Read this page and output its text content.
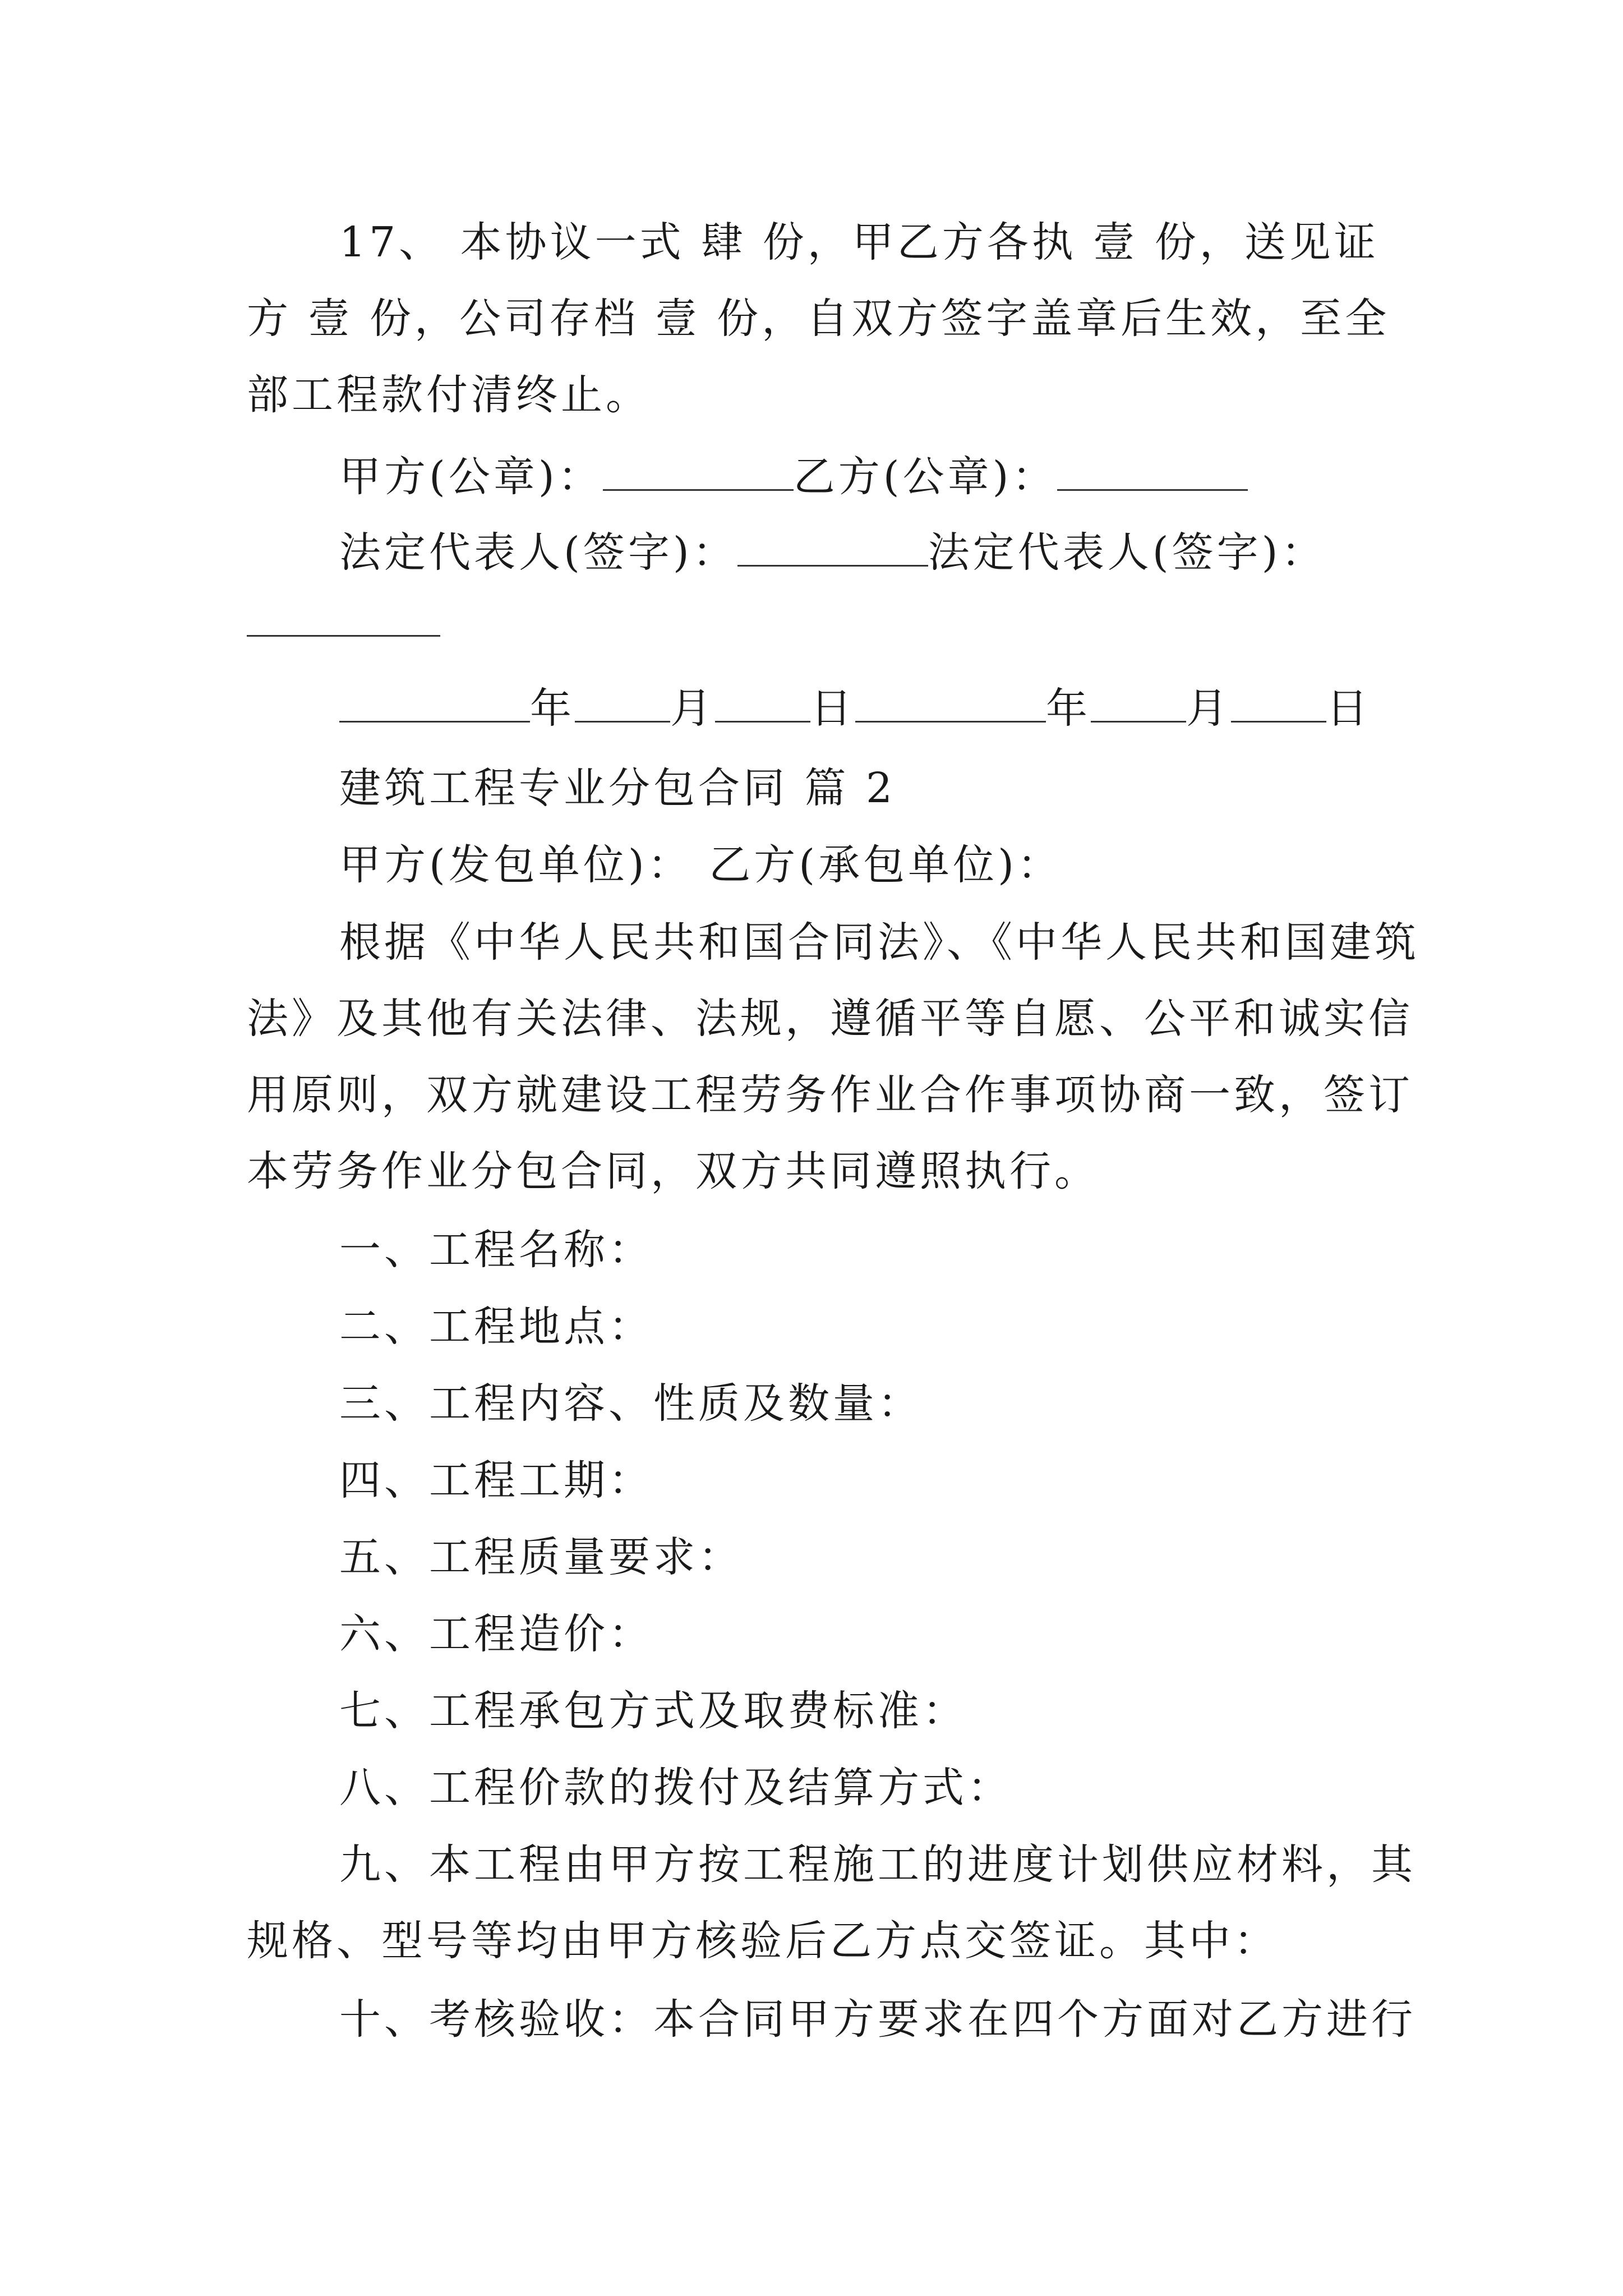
17、 本协议一式 肆 份，甲乙方各执 壹 份，送见证
方 壹 份，公司存档 壹 份，自双方签字盖章后生效，至全
部工程款付清终止。
甲方(公章)：	乙方(公章)：
法定代表人(签字)：	法定代表人(签字)：
年 月 日	年 月 日
建筑工程专业分包合同 篇 2
甲方(发包单位)： 乙方(承包单位)：
根据《中华人民共和国合同法》、《中华人民共和国建筑
法》及其他有关法律、法规，遵循平等自愿、公平和诚实信
用原则，双方就建设工程劳务作业合作事项协商一致，签订
本劳务作业分包合同，双方共同遵照执行。
一、工程名称：
二、工程地点：
三、工程内容、性质及数量：
四、工程工期：
五、工程质量要求：
六、工程造价：
七、工程承包方式及取费标准：
八、工程价款的拨付及结算方式：
九、本工程由甲方按工程施工的进度计划供应材料，其
规格、型号等均由甲方核验后乙方点交签证。其中：
十、考核验收：本合同甲方要求在四个方面对乙方进行
